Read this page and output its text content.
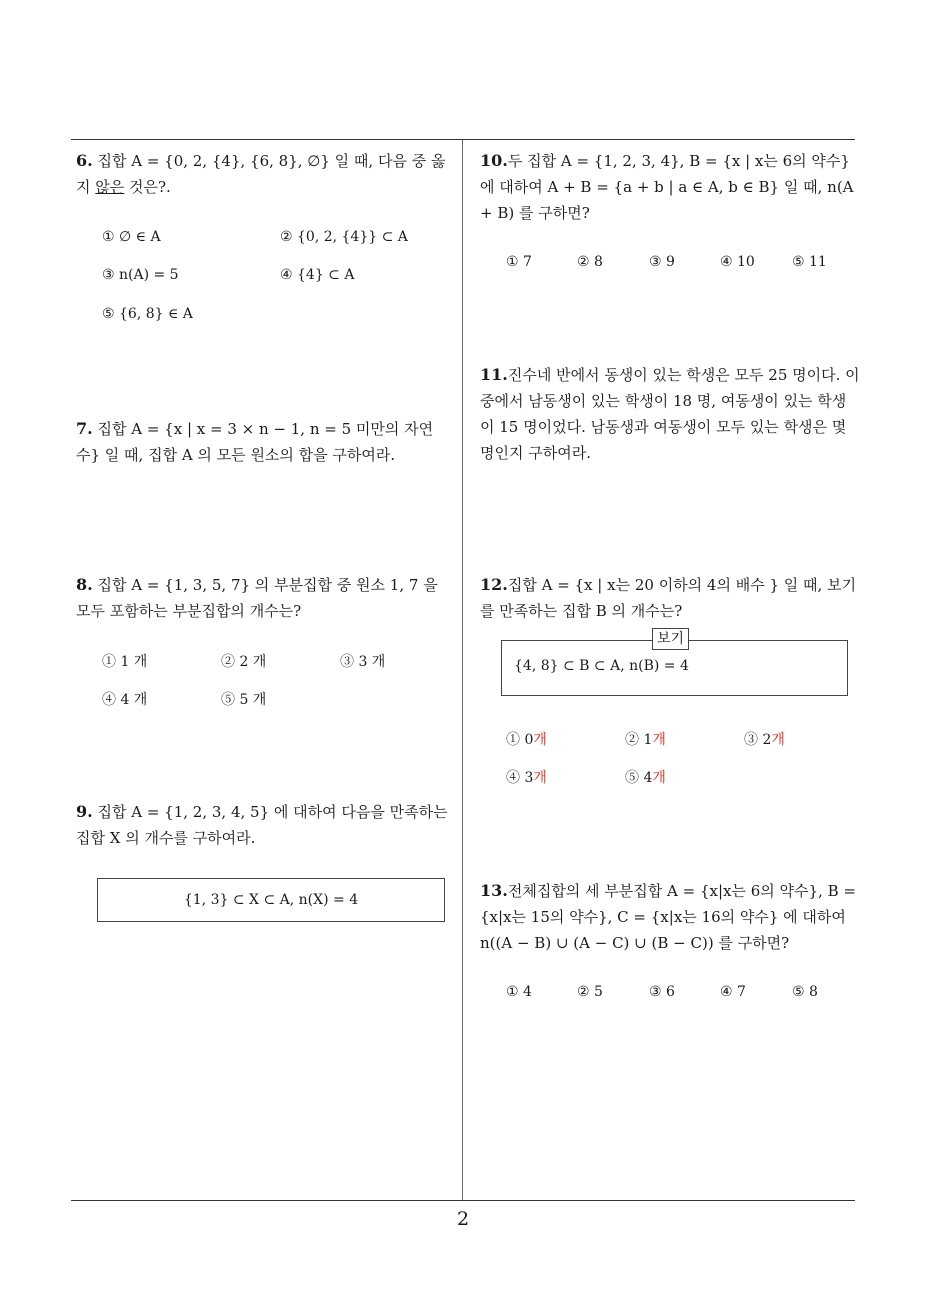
6. 집합 A = {0, 2, {4}, {6, 8}, ∅} 일 때, 다음 중 옳지 않은 것은?.
① ∅ ∈ A	② {0, 2, {4}} ⊂ A
③ n(A) = 5	④ {4} ⊂ A
⑤ {6, 8} ∈ A
7. 집합 A = {x | x = 3 × n − 1, n = 5 미만의 자연수} 일 때, 집합 A 의 모든 원소의 합을 구하여라.
8. 집합 A = {1, 3, 5, 7} 의 부분집합 중 원소 1, 7 을 모두 포함하는 부분집합의 개수는?
① 1 개	② 2 개	③ 3 개
④ 4 개	⑤ 5 개
9. 집합 A = {1, 2, 3, 4, 5} 에 대하여 다음을 만족하는 집합 X 의 개수를 구하여라.
{1, 3} ⊂ X ⊂ A, n(X) = 4
10.두 집합 A = {1, 2, 3, 4}, B = {x | x는 6의 약수} 에 대하여 A + B = {a + b | a ∈ A, b ∈ B} 일 때, n(A + B) 를 구하면?
① 7	② 8	③ 9	④ 10	⑤ 11
11.진수네 반에서 동생이 있는 학생은 모두 25 명이다. 이 중에서 남동생이 있는 학생이 18 명, 여동생이 있는 학생이 15 명이었다. 남동생과 여동생이 모두 있는 학생은 몇 명인지 구하여라.
12.집합 A = {x | x는 20 이하의 4의 배수 } 일 때, 보기를 만족하는 집합 B 의 개수는?
{4, 8} ⊂ B ⊂ A, n(B) = 4
보기
① 0개	② 1개	③ 2개
④ 3개	⑤ 4개
13.전체집합의 세 부분집합 A = {x|x는 6의 약수}, B = {x|x는 15의 약수}, C = {x|x는 16의 약수} 에 대하여 n((A − B) ∪ (A − C) ∪ (B − C)) 를 구하면?
① 4	② 5	③ 6	④ 7	⑤ 8
2
